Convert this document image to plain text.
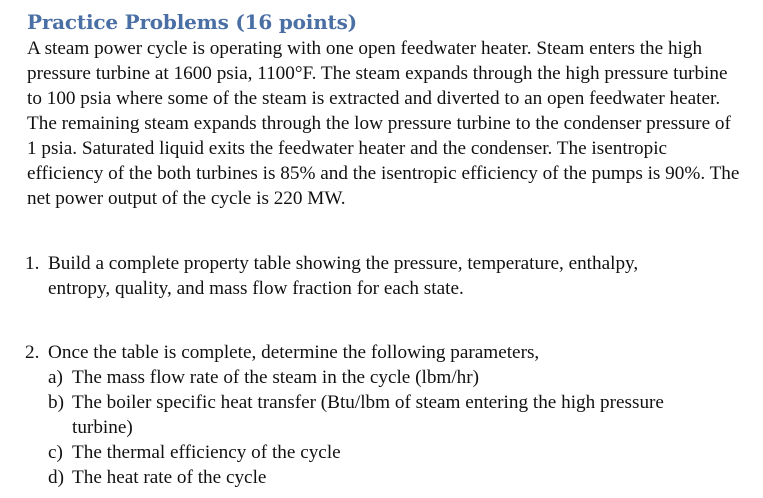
Practice Problems (16 points)

A steam power cycle is operating with one open feedwater heater. Steam enters the high pressure turbine at 1600 psia, 1100°F. The steam expands through the high pressure turbine to 100 psia where some of the steam is extracted and diverted to an open feedwater heater. The remaining steam expands through the low pressure turbine to the condenser pressure of 1 psia. Saturated liquid exits the feedwater heater and the condenser. The isentropic efficiency of the both turbines is 85% and the isentropic efficiency of the pumps is 90%. The net power output of the cycle is 220 MW.

1. Build a complete property table showing the pressure, temperature, enthalpy, entropy, quality, and mass flow fraction for each state.
2. Once the table is complete, determine the following parameters,
a) The mass flow rate of the steam in the cycle (lbm/hr)
b) The boiler specific heat transfer (Btu/lbm of steam entering the high pressure turbine)
c) The thermal efficiency of the cycle
d) The heat rate of the cycle
